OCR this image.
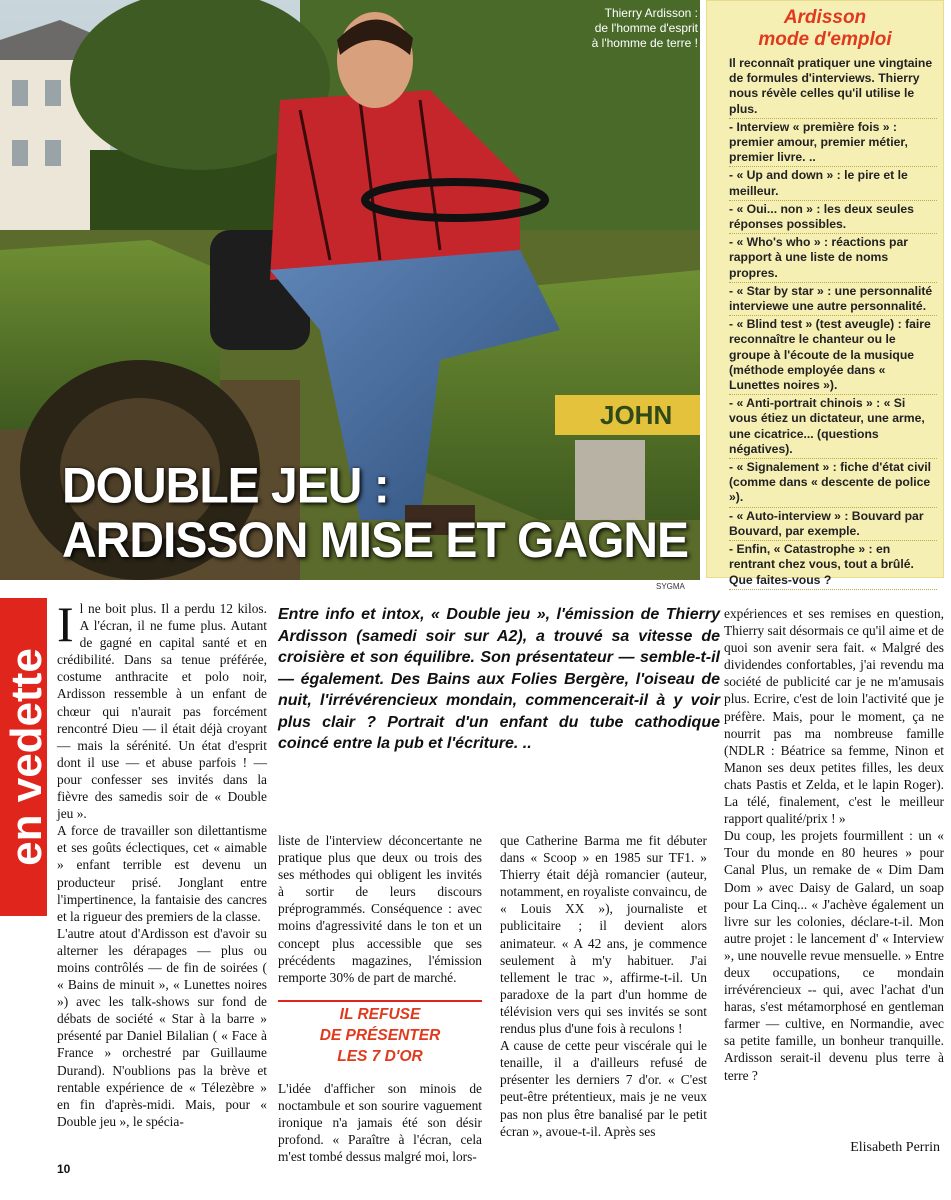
JOHN
Thierry Ardisson :
de l'homme d'esprit
à l'homme de terre !
DOUBLE JEU :
ARDISSON MISE ET GAGNE
SYGMA
Ardisson
mode d'emploi

Il reconnaît pratiquer une vingtaine de formules d'interviews. Thierry nous révèle celles qu'il utilise le plus.

- Interview « première fois » : premier amour, premier métier, premier livre. ..

- « Up and down » : le pire et le meilleur.

- « Oui... non » : les deux seules réponses possibles.

- « Who's who » : réactions par rapport à une liste de noms propres.

- « Star by star » : une personnalité interviewe une autre personnalité.

- « Blind test » (test aveugle) : faire reconnaître le chanteur ou le groupe à l'écoute de la musique (méthode employée dans « Lunettes noires »).

- « Anti-portrait chinois » : « Si vous étiez un dictateur, une arme, une cicatrice... (questions négatives).

- « Signalement » : fiche d'état civil (comme dans « descente de police »).

- « Auto-interview » : Bouvard par Bouvard, par exemple.

- Enfin, « Catastrophe » : en rentrant chez vous, tout a brûlé. Que faites-vous ?

en vedette
Entre info et intox, « Double jeu », l'émission de Thierry Ardisson (samedi soir sur A2), a trouvé sa vitesse de croisière et son équilibre. Son présentateur — semble-t-il — également. Des Bains aux Folies Bergère, l'oiseau de nuit, l'irrévérencieux mondain, commencerait-il à y voir plus clair ? Portrait d'un enfant du tube cathodique coincé entre la pub et l'écriture. ..

Il ne boit plus. Il a perdu 12 kilos. A l'écran, il ne fume plus. Autant de gagné en capital santé et en crédibilité. Dans sa tenue préférée, costume anthracite et polo noir, Ardisson ressemble à un enfant de chœur qui n'aurait pas forcément rencontré Dieu — il était déjà croyant — mais la sérénité. Un état d'esprit dont il use — et abuse parfois ! — pour confesser ses invités dans la fièvre des samedis soir de « Double jeu ».

A force de travailler son dilettantisme et ses goûts éclectiques, cet « aimable » enfant terrible est devenu un producteur prisé. Jonglant entre l'impertinence, la fantaisie des cancres et la rigueur des premiers de la classe.

L'autre atout d'Ardisson est d'avoir su alterner les dérapages — plus ou moins contrôlés — de fin de soirées ( « Bains de minuit », « Lunettes noires ») avec les talk-shows sur fond de débats de société « Star à la barre » présenté par Daniel Bilalian ( « Face à France » orchestré par Guillaume Durand). N'oublions pas la brève et rentable expérience de « Télezèbre » en fin d'après-midi. Mais, pour « Double jeu », le spécia-

liste de l'interview déconcertante ne pratique plus que deux ou trois des ses méthodes qui obligent les invités à sortir de leurs discours préprogrammés. Conséquence : avec moins d'agressivité dans le ton et un concept plus accessible que ses précédents magazines, l'émission remporte 30% de part de marché.

IL REFUSE
DE PRÉSENTER
LES 7 D'OR

L'idée d'afficher son minois de noctambule et son sourire vaguement ironique n'a jamais été son désir profond. « Paraître à l'écran, cela m'est tombé dessus malgré moi, lors-

que Catherine Barma me fit débuter dans « Scoop » en 1985 sur TF1. » Thierry était déjà romancier (auteur, notamment, en royaliste convaincu, de « Louis XX »), journaliste et publicitaire ; il devient alors animateur. « A 42 ans, je commence seulement à m'y habituer. J'ai tellement le trac », affirme-t-il. Un paradoxe de la part d'un homme de télévision vers qui ses invités se sont rendus plus d'une fois à reculons !

A cause de cette peur viscérale qui le tenaille, il a d'ailleurs refusé de présenter les derniers 7 d'or. « C'est peut-être prétentieux, mais je ne veux pas non plus être banalisé par le petit écran », avoue-t-il. Après ses

expériences et ses remises en question, Thierry sait désormais ce qu'il aime et de quoi son avenir sera fait. « Malgré des dividendes confortables, j'ai revendu ma société de publicité car je ne m'amusais plus. Ecrire, c'est de loin l'activité que je préfère. Mais, pour le moment, ça ne nourrit pas ma nombreuse famille (NDLR : Béatrice sa femme, Ninon et Manon ses deux petites filles, les deux chats Pastis et Zelda, et le lapin Roger). La télé, finalement, c'est le meilleur rapport qualité/prix ! »

Du coup, les projets fourmillent : un « Tour du monde en 80 heures » pour Canal Plus, un remake de « Dim Dam Dom » avec Daisy de Galard, un soap pour La Cinq... « J'achève également un livre sur les colonies, déclare-t-il. Mon autre projet : le lancement d' « Interview », une nouvelle revue mensuelle. » Entre deux occupations, ce mondain irrévérencieux -- qui, avec l'achat d'un haras, s'est métamorphosé en gentleman farmer — cultive, en Normandie, avec sa petite famille, un bonheur tranquille. Ardisson serait-il devenu plus terre à terre ?

Elisabeth Perrin
10
